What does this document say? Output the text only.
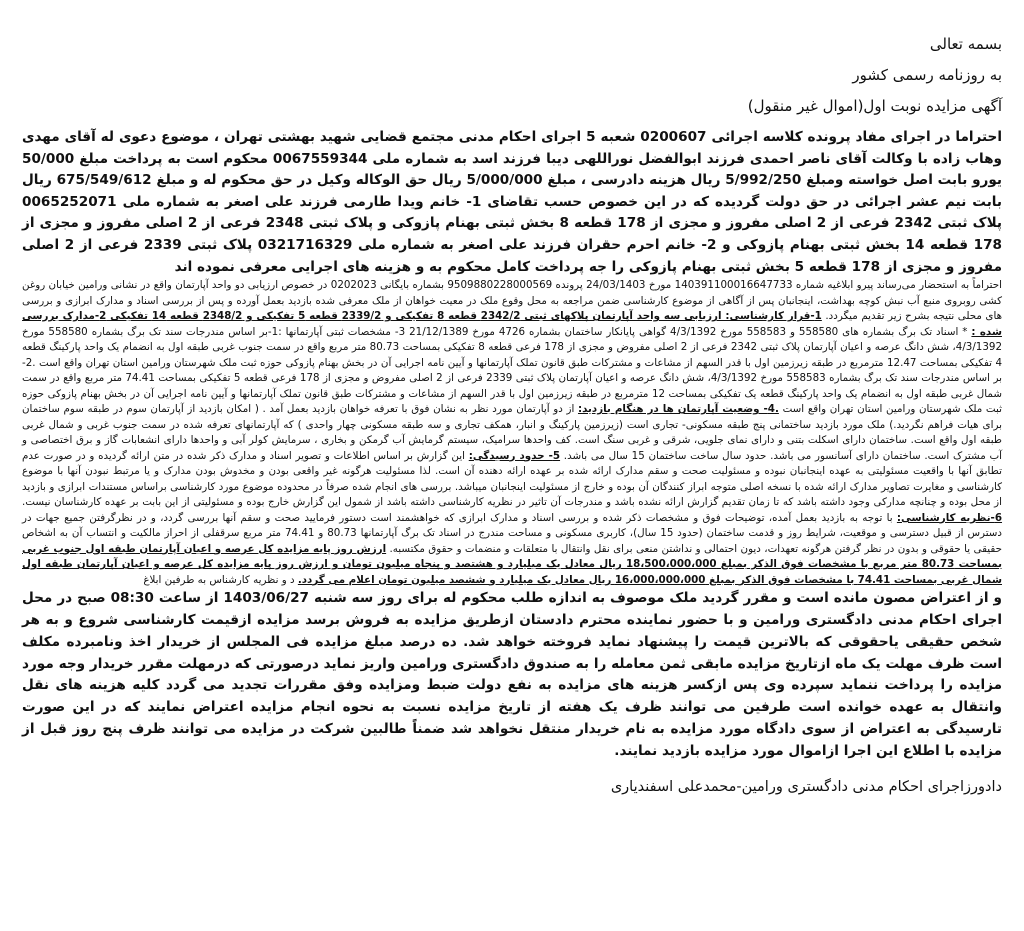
بسمه تعالی
به روزنامه رسمی کشور
آگهی مزایده نوبت اول(اموال غیر منقول)

احتراما در اجرای مفاد پرونده کلاسه اجرائی 0200607 شعبه 5 اجرای احکام مدنی مجتمع قضایی شهید بهشتی تهران ، موضوع دعوی له آقای مهدی وهاب زاده با وکالت آقای ناصر احمدی فرزند ابوالفضل نوراللهی دیبا فرزند اسد به شماره ملی 0067559344 محکوم است به پرداخت مبلغ 50/000 یورو بابت اصل خواسته ومبلغ 5/992/250 ریال هزینه دادرسی ، مبلغ 5/000/000 ریال حق الوکاله وکیل در حق محکوم له و مبلغ 675/549/612 ریال بابت نیم عشر اجرائی در حق دولت گردیده که در این خصوص حسب تقاضای 1- خانم ویدا طارمی فرزند علی اصغر به شماره ملی 0065252071 پلاک ثبتی 2342 فرعی از 2 اصلی مفروز و مجزی از 178 قطعه 8 بخش ثبتی بهنام پازوکی و پلاک ثبتی 2348 فرعی از 2 اصلی مفروز و مجزی از 178 قطعه 14 بخش ثبتی بهنام پازوکی و 2- خانم احرم حقران فرزند علی اصغر به شماره ملی 0321716329 پلاک ثبتی 2339 فرعی از 2 اصلی مفروز و مجزی از 178 قطعه 5 بخش ثبتی بهنام پازوکی را جه پرداخت کامل محکوم به و هزینه های اجرایی معرفی نموده اند

احتراماً به استحضار می‌رساند پیرو ابلاغیه شماره 140391100016647733 مورخ 24/03/1403 پرونده 9509880228000569 بشماره بایگانی 0202023 در خصوص ارزیابی دو واحد آپارتمان واقع در نشانی ورامین خیابان روغن کشی روبروی منبع آب نبش کوچه بهداشت، اینجانبان پس از آگاهی از موضوع کارشناسی ضمن مراجعه به محل وقوع ملک در معیت خواهان از ملک معرفی شده بازدید بعمل آورده و پس از بررسی اسناد و مدارک ابرازی و بررسی های محلی نتیجه بشرح زیر تقدیم میگردد. 1-قرار کارشناسی: ارزیابی سه واحد آپارتمان پلاکهای ثبتی 2342/2 قطعه 8 تفکیکی و 2339/2 قطعه 5 تفکیکی و 2348/2 قطعه 14 تفکیکی 2-مدارک بررسی شده : * اسناد تک برگ بشماره های 558580 و 558583 مورخ 4/3/1392 گواهی پایانکار ساختمان بشماره 4726 مورخ 21/12/1389 3- مشخصات ثبتی آپارتمانها :1-بر اساس مندرجات سند تک برگ بشماره 558580 مورخ 4/3/1392، شش دانگ عرصه و اعیان آپارتمان پلاک ثبتی 2342 فرعی از 2 اصلی مفروض و مجزی از 178 فرعی قطعه 8 تفکیکی بمساحت 80.73 متر مربع واقع در سمت جنوب غربی طبقه اول به انضمام یک واحد پارکینگ قطعه 4 تفکیکی بمساحت 12.47 مترمربع در طبقه زیرزمین اول با قدر السهم از مشاعات و مشترکات طبق قانون تملک آپارتمانها و آیین نامه اجرایی آن در بخش بهنام پازوکی حوزه ثبت ملک شهرستان ورامین استان تهران واقع است .2-بر اساس مندرجات سند تک برگ بشماره 558583 مورخ 4/3/1392، شش دانگ عرصه و اعیان آپارتمان پلاک ثبتی 2339 فرعی از 2 اصلی مفروض و مجزی از 178 فرعی قطعه 5 تفکیکی بمساحت 74.41 متر مربع واقع در سمت شمال غربی طبقه اول به انضمام یک واحد پارکینگ قطعه یک تفکیکی بمساحت 12 مترمربع در طبقه زیرزمین اول با قدر السهم از مشاعات و مشترکات طبق قانون تملک آپارتمانها و آیین نامه اجرایی آن در بخش بهنام پازوکی حوزه ثبت ملک شهرستان ورامین استان تهران واقع است .4- وضعیت آپارتمان ها در هنگام بازدید: از دو آپارتمان مورد نظر به نشان فوق با تعرفه خواهان بازدید بعمل آمد . ( امکان بازدید از آپارتمان سوم در طبقه سوم ساختمان برای هیات فراهم نگردید.) ملک مورد بازدید ساختمانی پنج طبقه مسکونی- تجاری است (زیرزمین پارکینگ و انبار، همکف تجاری و سه طبقه مسکونی چهار واحدی ) که آپارتمانهای تعرفه شده در سمت جنوب غربی و شمال غربی طبقه اول واقع است. ساختمان دارای اسکلت بتنی و دارای نمای جلویی، شرقی و غربی سنگ است. کف واحدها سرامیک، سیستم گرمایش آب گرمکن و بخاری ، سرمایش کولر آبی و واحدها دارای انشعابات گاز و برق اختصاصی و آب مشترک است. ساختمان دارای آسانسور می باشد. حدود سال ساخت ساختمان 15 سال می باشد. 5- حدود رسیدگی: این گزارش بر اساس اطلاعات و تصویر اسناد و مدارک ذکر شده در متن ارائه گردیده و در صورت عدم تطابق آنها با واقعیت مسئولیتی به عهده اینجانبان نبوده و مسئولیت صحت و سقم مدارک ارائه شده بر عهده ارائه دهنده آن است. لذا مسئولیت هرگونه غیر واقعی بودن و مخدوش بودن مدارک و یا مرتبط نبودن آنها با موضوع کارشناسی و مغایرت تصاویر مدارک ارائه شده با نسخه اصلی متوجه ابراز کنندگان آن بوده و خارج از مسئولیت اینجانبان میباشد. بررسی های انجام شده صرفاً در محدوده موضوع مورد کارشناسی براساس مستندات ابرازی و بازدید از محل بوده و چنانچه مدارکی وجود داشته باشد که تا زمان تقدیم گزارش ارائه نشده باشد و مندرجات آن تاثیر در نظریه کارشناسی داشته باشد از شمول این گزارش خارج بوده و مسئولیتی از این بابت بر عهده کارشناسان نیست. 6-نظریه کارشناسی: با توجه به بازدید بعمل آمده، توضیحات فوق و مشخصات ذکر شده و بررسی اسناد و مدارک ابرازی که خواهشمند است دستور فرمایید صحت و سقم آنها بررسی گردد، و در نظرگرفتن جمیع جهات در دسترس از قبیل دسترسی و موقعیت، شرایط روز و قدمت ساختمان (حدود 15 سال)، کاربری مسکونی و مساحت مندرج در اسناد تک برگ آپارتمانها 80.73 و 74.41 متر مربع سرقفلی از احراز مالکیت و انتساب آن به اشخاص حقیقی یا حقوقی و بدون در نظر گرفتن هرگونه تعهدات، دیون احتمالی و نداشتن منعی برای نقل وانتقال با متعلقات و منضمات و حقوق مکتسبه. ارزش روز پایه مزایده کل عرصه و اعیان آپارتمان طبقه اول جنوب غربی بمساحت 80.73 متر مربع با مشخصات فوق الذکر بمبلغ 18،500،000،000 ریال معادل یک میلیارد و هشتصد و پنجاه میلیون تومان و ارزش روز پایه مزایده کل عرصه و اعیان آپارتمان طبقه اول شمال غربی بمساحت 74.41 با مشخصات فوق الذکر بمبلغ 16،000،000،000 ریال معادل یک میلیارد و ششصد میلیون تومان اعلام می گردد. د و نظریه کارشناس به طرفین ابلاغ

و از اعتراض مصون مانده است و مقرر گردید ملک موصوف به اندازه طلب محکوم له برای روز سه شنبه 1403/06/27 از ساعت 08:30 صبح در محل اجرای احکام مدنی دادگستری ورامین و با حضور نماینده محترم دادستان ازطریق مزایده به فروش برسد مزایده ازقیمت کارشناسی شروع و به هر شخص حقیقی یاحقوقی که بالاترین قیمت را پیشنهاد نماید فروخته خواهد شد. ده درصد مبلغ مزایده فی المجلس از خریدار اخذ ونامبرده مکلف است ظرف مهلت یک ماه ازتاریخ مزایده مابقی ثمن معامله را به صندوق دادگستری ورامین واریز نماید درصورتی که درمهلت مقرر خریدار وجه مورد مزایده را پرداخت ننماید سپرده وی پس ازکسر هزینه های مزایده به نفع دولت ضبط ومزایده وفق مقررات تجدید می گردد کلیه هزینه های نقل وانتقال به عهده خوانده است طرفین می توانند ظرف یک هفته از تاریخ مزایده نسبت به نحوه انجام مزایده اعتراض نمایند که در این صورت تارسیدگی به اعتراض از سوی دادگاه مورد مزایده به نام خریدار منتقل نخواهد شد ضمناً طالبین شرکت در مزایده می توانند ظرف پنج روز قبل از مزایده با اطلاع این اجرا ازاموال مورد مزایده بازدید نمایند.

دادورزاجرای احکام مدنی دادگستری ورامین-محمدعلی اسفندیاری
